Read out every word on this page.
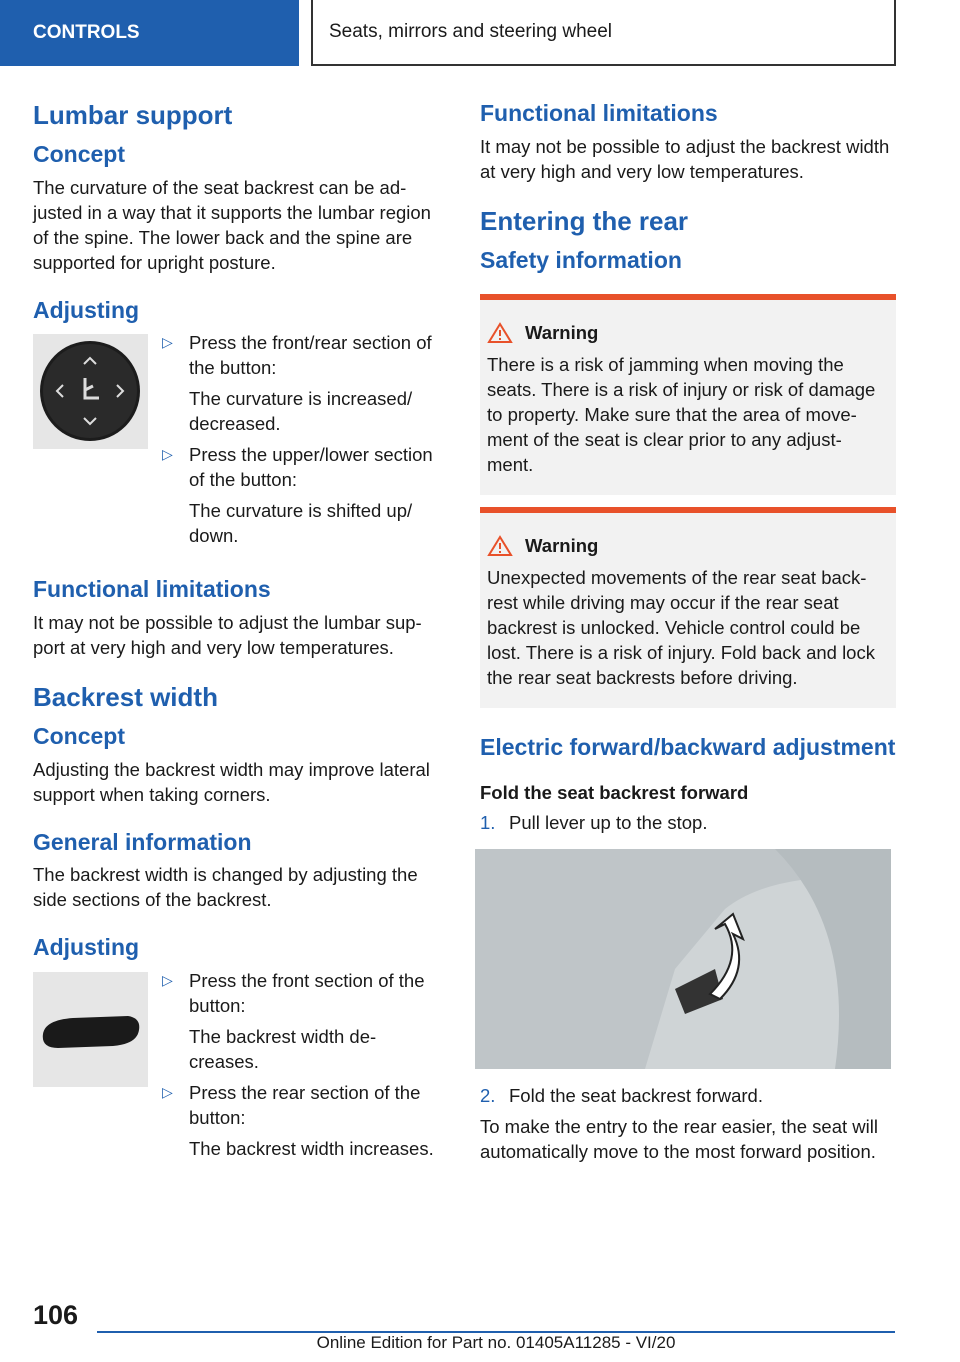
CONTROLS	Seats, mirrors and steering wheel
Lumbar support
Concept

The curvature of the seat backrest can be ad-justed in a way that it supports the lumbar region of the spine. The lower back and the spine are supported for upright posture.

Adjusting
▷ Press the front/rear section of the button:

The curvature is increased/ decreased.

▷ Press the upper/lower section of the button:

The curvature is shifted up/ down.

Functional limitations

It may not be possible to adjust the lumbar sup-port at very high and very low temperatures.

Backrest width
Concept

Adjusting the backrest width may improve lateral support when taking corners.

General information

The backrest width is changed by adjusting the side sections of the backrest.

Adjusting
▷ Press the front section of the button:

The backrest width de-creases.

▷ Press the rear section of the button:

The backrest width increases.

Functional limitations

It may not be possible to adjust the backrest width at very high and very low temperatures.

Entering the rear
Safety information
Warning

There is a risk of jamming when moving the seats. There is a risk of injury or risk of damage to property. Make sure that the area of move-ment of the seat is clear prior to any adjust-ment.

Warning

Unexpected movements of the rear seat back-rest while driving may occur if the rear seat backrest is unlocked. Vehicle control could be lost. There is a risk of injury. Fold back and lock the rear seat backrests before driving.

Electric forward/backward adjustment
Fold the seat backrest forward
1. Pull lever up to the stop.
2. Fold the seat backrest forward.

To make the entry to the rear easier, the seat will automatically move to the most forward position.

106
Online Edition for Part no. 01405A11285 - VI/20
